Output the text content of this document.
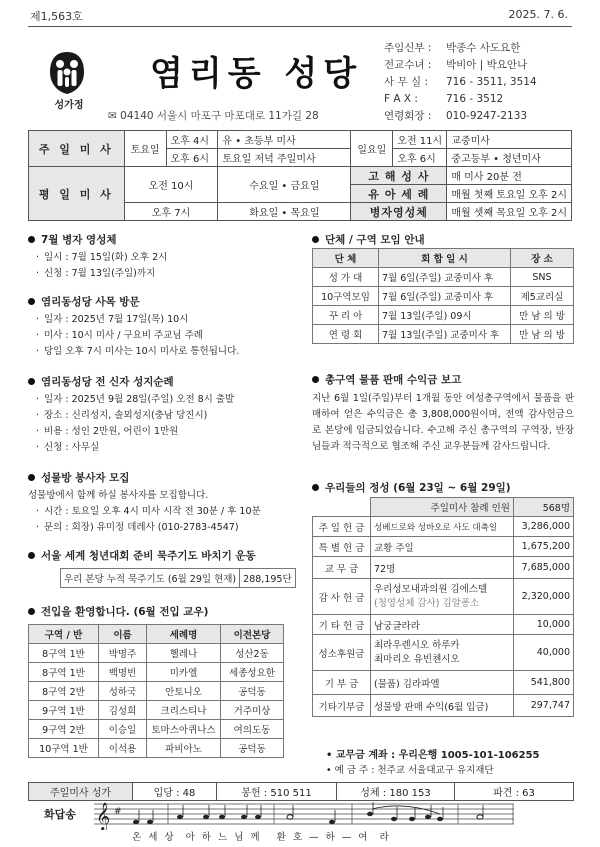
제1,563호	2025. 7. 6.
성가정
염리동 성당
✉ 04140 서울시 마포구 마포대로 11가길 28
주임신부 :	박종수 사도요한
전교수녀 :	박비아 | 박요안나
사 무 실 :	716 - 3511, 3514
F A X :	716 - 3512
연령회장 :	010-9247-2133
주 일 미 사	토요일	오후 4시	유 • 초등부 미사	일요일	오전 11시	교중미사
		오후 6시	토요일 저녁 주일미사		오후 6시	중고등부 • 청년미사
평 일 미 사	오전 10시		수요일 • 금요일	고 해 성 사		매 미사 20분 전
				유 아 세 례		매월 첫째 토요일 오후 2시
	오후 7시		화요일 • 목요일	병자영성체		매월 셋째 목요일 오후 2시
7월 병자 영성체
· 일시 : 7월 15일(화) 오후 2시
· 신청 : 7월 13일(주일)까지
염리동성당 사목 방문
· 일자 : 2025년 7월 17일(목) 10시
· 미사 : 10시 미사 / 구요비 주교님 주례
· 당일 오후 7시 미사는 10시 미사로 통헌됩니다.
염리동성당 전 신자 성지순례
· 일자 : 2025년 9월 28일(주일) 오전 8시 출발
· 장소 : 신리성지, 솔뫼성지(충남 당진시)
· 비용 : 성인 2만원, 어린이 1만원
· 신청 : 사무실
성물방 봉사자 모집
성물방에서 함께 하실 봉사자를 모집합니다.
· 시간 : 토요일 오후 4시 미사 시작 전 30분 / 후 10분
· 문의 : 회장) 유미정 데레사 (010-2783-4547)
서울 세계 청년대회 준비 묵주기도 바치기 운동
우리 본당 누적 묵주기도 (6월 29일 현재)	288,195단
전입을 환영합니다. (6월 전입 교우)
구역 / 반	이름	세례명	이전본당
8구역 1반	박명주	헬레나	성산2동
8구역 1반	백명빈	미카엘	세종성요한
8구역 2반	성하국	안토니오	공덕동
9구역 1반	김성희	크리스티나	거주미상
9구역 2반	이승일	토마스아퀴나스	여의도동
10구역 1반	이석용	파비아노	공덕동
단체 / 구역 모임 안내
단 체	회 합 일 시	장 소
성 가 대	7월 6일(주일) 교중미사 후	SNS
10구역모임	7월 6일(주일) 교중미사 후	제5교리실
꾸 리 아	7월 13일(주일) 09시	만 남 의 방
연 령 회	7월 13일(주일) 교중미사 후	만 남 의 방
총구역 물품 판매 수익금 보고
지난 6월 1일(주일)부터 1개월 동안 여성총구역에서 물품을 판매하여 얻은 수익금은 총 3,808,000원이며, 전액 감사헌금으로 본당에 입금되었습니다. 수고해 주신 총구역의 구역장, 반장님들과 적극적으로 협조해 주신 교우분들께 감사드립니다.
우리들의 정성 (6월 23일 ~ 6월 29일)
	주일미사 참례 인원	568명
주 일 헌 금	성베드로와 성바오로 사도 대축일	3,286,000
특 별 헌 금	교황 주일	1,675,200
교 무 금	72명	7,685,000
감 사 헌 금	우리성모내과의원 김에스텔
(청영성체 감사) 김알퐁소	2,320,000
기 타 헌 금	남궁글라라	10,000
성소후원금	최라우렌시오 하루카
최마리오 유빈첸시오	40,000
기 부 금	(물품) 김라파엘	541,800
기타기부금	성물방 판매 수익(6월 입금)	297,747
• 교무금 계좌 : 우리은행 1005-101-106255
• 예 금 주 : 천주교 서울대교구 유지재단
주일미사 성가	입당 : 48	봉헌 : 510 511	성체 : 180 153	파견 : 63
화답송 𝄞 #
온 세 상  아 하 느 님 께   환 호 — 하 — 여  라
